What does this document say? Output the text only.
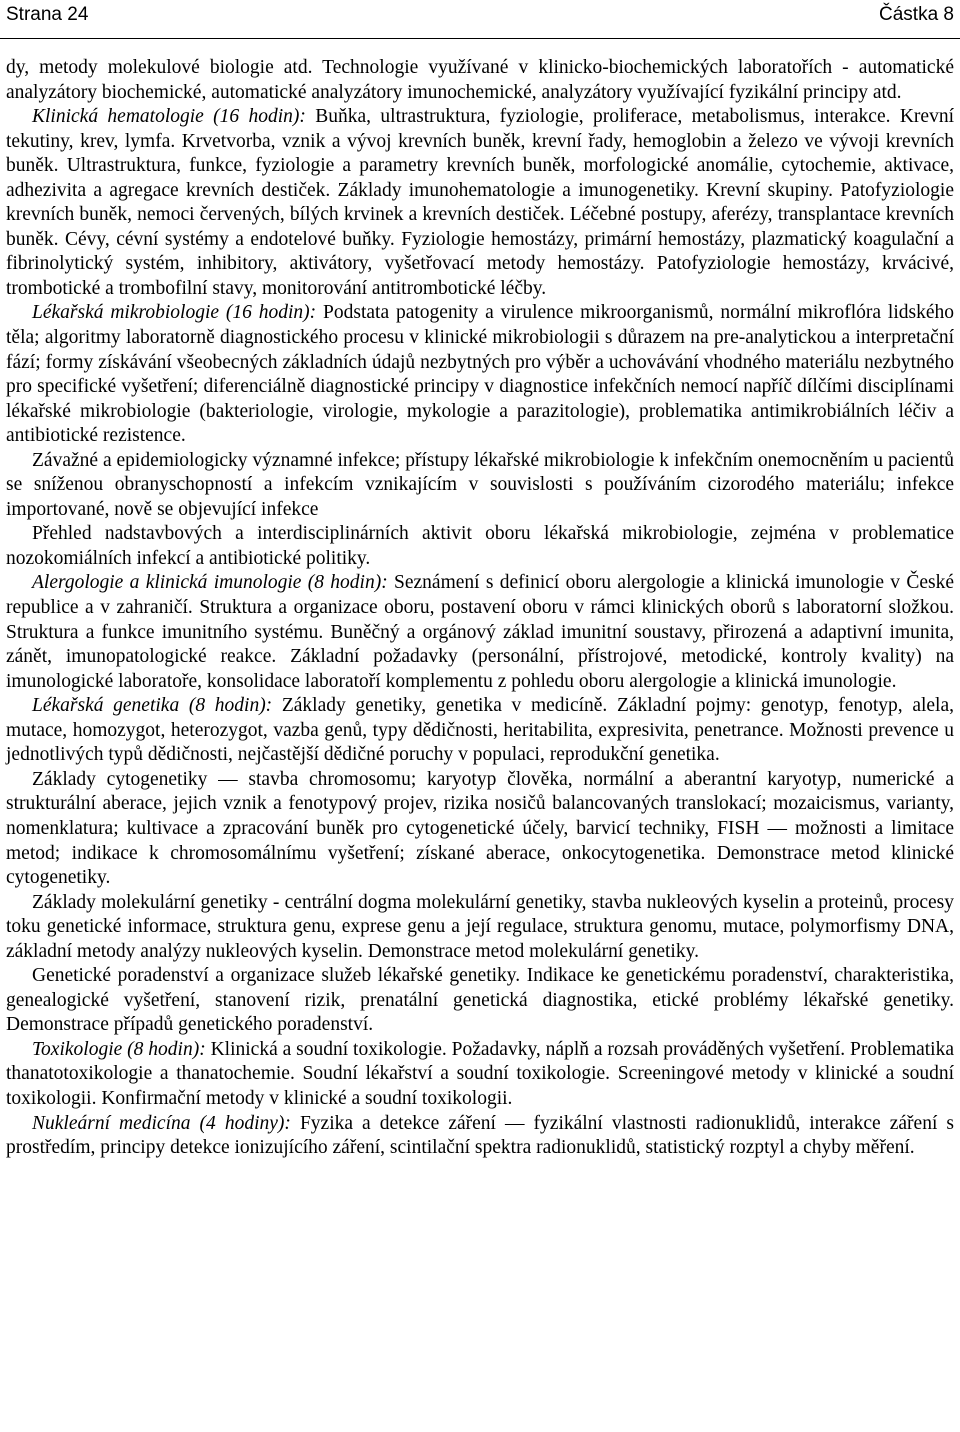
Strana 24	Částka 8

dy, metody molekulové biologie atd. Technologie využívané v klinicko-biochemických laboratořích - automatické analyzátory biochemické, automatické analyzátory imunochemické, analyzátory využívající fyzikální principy atd.

Klinická hematologie (16 hodin): Buňka, ultrastruktura, fyziologie, proliferace, metabolismus, interakce. Krevní tekutiny, krev, lymfa. Krvetvorba, vznik a vývoj krevních buněk, krevní řady, hemoglobin a železo ve vývoji krevních buněk. Ultrastruktura, funkce, fyziologie a parametry krevních buněk, morfologické anomálie, cytochemie, aktivace, adhezivita a agregace krevních destiček. Základy imunohematologie a imunogenetiky. Krevní skupiny. Patofyziologie krevních buněk, nemoci červených, bílých krvinek a krevních destiček. Léčebné postupy, aferézy, transplantace krevních buněk. Cévy, cévní systémy a endotelové buňky. Fyziologie hemostázy, primární hemostázy, plazmatický koagulační a fibrinolytický systém, inhibitory, aktivátory, vyšetřovací metody hemostázy. Patofyziologie hemostázy, krvácivé, trombotické a trombofilní stavy, monitorování antitrombotické léčby.

Lékařská mikrobiologie (16 hodin): Podstata patogenity a virulence mikroorganismů, normální mikroflóra lidského těla; algoritmy laboratorně diagnostického procesu v klinické mikrobiologii s důrazem na pre-analytickou a interpretační fází; formy získávání všeobecných základních údajů nezbytných pro výběr a uchovávání vhodného materiálu nezbytného pro specifické vyšetření; diferenciálně diagnostické principy v diagnostice infekčních nemocí napříč dílčími disciplínami lékařské mikrobiologie (bakteriologie, virologie, mykologie a parazitologie), problematika antimikrobiálních léčiv a antibiotické rezistence.

Závažné a epidemiologicky významné infekce; přístupy lékařské mikrobiologie k infekčním onemocněním u pacientů se sníženou obranyschopností a infekcím vznikajícím v souvislosti s používáním cizorodého materiálu; infekce importované, nově se objevující infekce

Přehled nadstavbových a interdisciplinárních aktivit oboru lékařská mikrobiologie, zejména v problematice nozokomiálních infekcí a antibiotické politiky.

Alergologie a klinická imunologie (8 hodin): Seznámení s definicí oboru alergologie a klinická imunologie v České republice a v zahraničí. Struktura a organizace oboru, postavení oboru v rámci klinických oborů s laboratorní složkou. Struktura a funkce imunitního systému. Buněčný a orgánový základ imunitní soustavy, přirozená a adaptivní imunita, zánět, imunopatologické reakce. Základní požadavky (personální, přístrojové, metodické, kontroly kvality) na imunologické laboratoře, konsolidace laboratoří komplementu z pohledu oboru alergologie a klinická imunologie.

Lékařská genetika (8 hodin): Základy genetiky, genetika v medicíně. Základní pojmy: genotyp, fenotyp, alela, mutace, homozygot, heterozygot, vazba genů, typy dědičnosti, heritabilita, expresivita, penetrance. Možnosti prevence u jednotlivých typů dědičnosti, nejčastější dědičné poruchy v populaci, reprodukční genetika.

Základy cytogenetiky — stavba chromosomu; karyotyp člověka, normální a aberantní karyotyp, numerické a strukturální aberace, jejich vznik a fenotypový projev, rizika nosičů balancovaných translokací; mozaicismus, varianty, nomenklatura; kultivace a zpracování buněk pro cytogenetické účely, barvicí techniky, FISH — možnosti a limitace metod; indikace k chromosomálnímu vyšetření; získané aberace, onkocytogenetika. Demonstrace metod klinické cytogenetiky.

Základy molekulární genetiky - centrální dogma molekulární genetiky, stavba nukleových kyselin a proteinů, procesy toku genetické informace, struktura genu, exprese genu a její regulace, struktura genomu, mutace, polymorfismy DNA, základní metody analýzy nukleových kyselin. Demonstrace metod molekulární genetiky.

Genetické poradenství a organizace služeb lékařské genetiky. Indikace ke genetickému poradenství, charakteristika, genealogické vyšetření, stanovení rizik, prenatální genetická diagnostika, etické problémy lékařské genetiky. Demonstrace případů genetického poradenství.

Toxikologie (8 hodin): Klinická a soudní toxikologie. Požadavky, náplň a rozsah prováděných vyšetření. Problematika thanatotoxikologie a thanatochemie. Soudní lékařství a soudní toxikologie. Screeningové metody v klinické a soudní toxikologii. Konfirmační metody v klinické a soudní toxikologii.

Nukleární medicína (4 hodiny): Fyzika a detekce záření — fyzikální vlastnosti radionuklidů, interakce záření s prostředím, principy detekce ionizujícího záření, scintilační spektra radionuklidů, statistický rozptyl a chyby měření.
